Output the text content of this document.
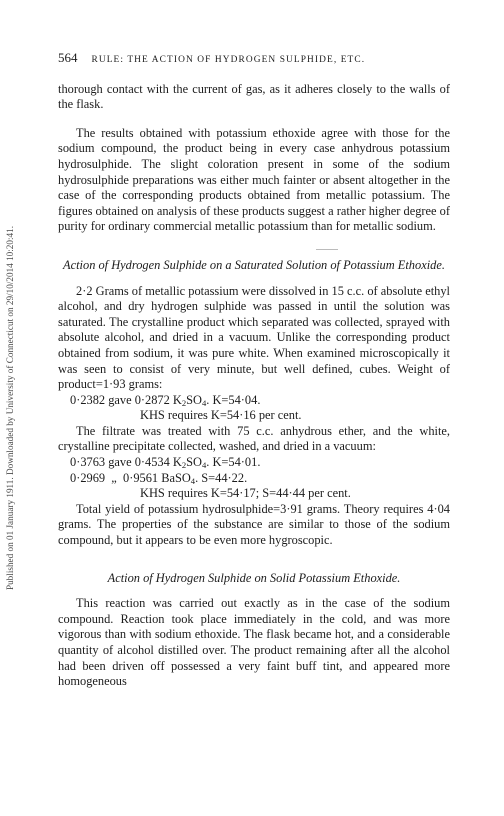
Published on 01 January 1911. Downloaded by University of Connecticut on 29/10/2014 10:20:41.
564 RULE: THE ACTION OF HYDROGEN SULPHIDE, ETC.

thorough contact with the current of gas, as it adheres closely to the walls of the flask.

The results obtained with potassium ethoxide agree with those for the sodium compound, the product being in every case anhydrous potassium hydrosulphide. The slight coloration present in some of the sodium hydrosulphide preparations was either much fainter or absent altogether in the case of the corresponding products obtained from metallic potassium. The figures obtained on analysis of these products suggest a rather higher degree of purity for ordinary commercial metallic potassium than for metallic sodium.

Action of Hydrogen Sulphide on a Saturated Solution of Potassium Ethoxide.

2·2 Grams of metallic potassium were dissolved in 15 c.c. of absolute ethyl alcohol, and dry hydrogen sulphide was passed in until the solution was saturated. The crystalline product which separated was collected, sprayed with absolute alcohol, and dried in a vacuum. Unlike the corresponding product obtained from sodium, it was pure white. When examined microscopically it was seen to consist of very minute, but well defined, cubes. Weight of product=1·93 grams:

0·2382 gave 0·2872 $K_2SO_4$. K=54·04.
KHS requires K=54·16 per cent.

The filtrate was treated with 75 c.c. anhydrous ether, and the white, crystalline precipitate collected, washed, and dried in a vacuum:

0·3763 gave 0·4534 $K_2SO_4$. K=54·01.
0·2969  „  0·9561 BaSO$_4$. S=44·22.
KHS requires K=54·17; S=44·44 per cent.

Total yield of potassium hydrosulphide=3·91 grams. Theory requires 4·04 grams. The properties of the substance are similar to those of the sodium compound, but it appears to be even more hygroscopic.

Action of Hydrogen Sulphide on Solid Potassium Ethoxide.

This reaction was carried out exactly as in the case of the sodium compound. Reaction took place immediately in the cold, and was more vigorous than with sodium ethoxide. The flask became hot, and a considerable quantity of alcohol distilled over. The product remaining after all the alcohol had been driven off possessed a very faint buff tint, and appeared more homogeneous
